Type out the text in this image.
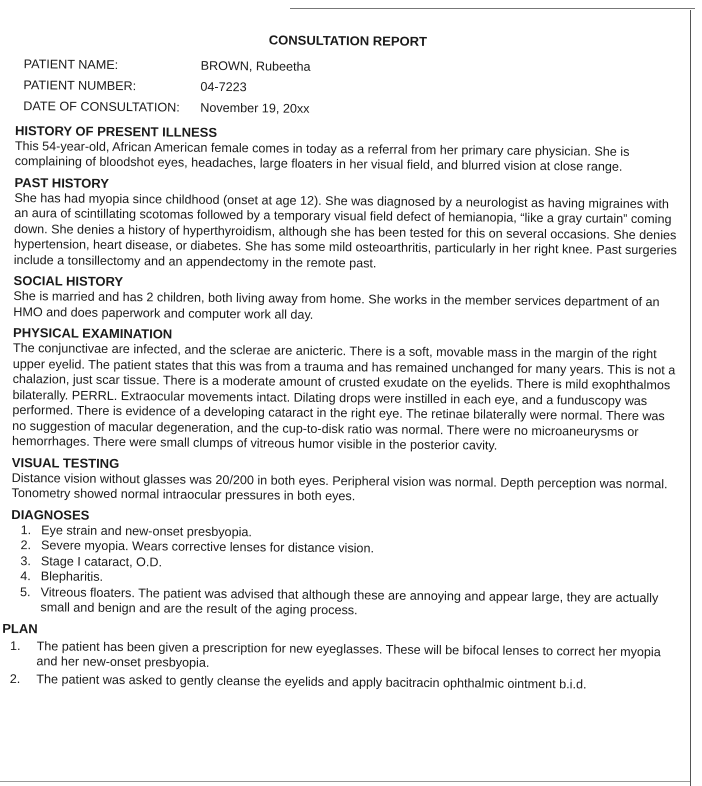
CONSULTATION REPORT
PATIENT NAME:	BROWN, Rubeetha
PATIENT NUMBER:	04-7223
DATE OF CONSULTATION:	November 19, 20xx
HISTORY OF PRESENT ILLNESS

This 54-year-old, African American female comes in today as a referral from her primary care physician. She is complaining of bloodshot eyes, headaches, large floaters in her visual field, and blurred vision at close range.

PAST HISTORY

She has had myopia since childhood (onset at age 12). She was diagnosed by a neurologist as having migraines with an aura of scintillating scotomas followed by a temporary visual field defect of hemianopia, “like a gray curtain” coming down. She denies a history of hyperthyroidism, although she has been tested for this on several occasions. She denies hypertension, heart disease, or diabetes. She has some mild osteoarthritis, particularly in her right knee. Past surgeries include a tonsillectomy and an appendectomy in the remote past.

SOCIAL HISTORY

She is married and has 2 children, both living away from home. She works in the member services department of an HMO and does paperwork and computer work all day.

PHYSICAL EXAMINATION

The conjunctivae are infected, and the sclerae are anicteric. There is a soft, movable mass in the margin of the right upper eyelid. The patient states that this was from a trauma and has remained unchanged for many years. This is not a chalazion, just scar tissue. There is a moderate amount of crusted exudate on the eyelids. There is mild exophthalmos bilaterally. PERRL. Extraocular movements intact. Dilating drops were instilled in each eye, and a funduscopy was performed. There is evidence of a developing cataract in the right eye. The retinae bilaterally were normal. There was no suggestion of macular degeneration, and the cup-to-disk ratio was normal. There were no microaneurysms or hemorrhages. There were small clumps of vitreous humor visible in the posterior cavity.

VISUAL TESTING

Distance vision without glasses was 20/200 in both eyes. Peripheral vision was normal. Depth perception was normal. Tonometry showed normal intraocular pressures in both eyes.

DIAGNOSES
1. Eye strain and new-onset presbyopia.
2. Severe myopia. Wears corrective lenses for distance vision.
3. Stage I cataract, O.D.
4. Blepharitis.
5. Vitreous floaters. The patient was advised that although these are annoying and appear large, they are actually small and benign and are the result of the aging process.
PLAN
1.	The patient has been given a prescription for new eyeglasses. These will be bifocal lenses to correct her myopia and her new-onset presbyopia.
2.	The patient was asked to gently cleanse the eyelids and apply bacitracin ophthalmic ointment b.i.d.
